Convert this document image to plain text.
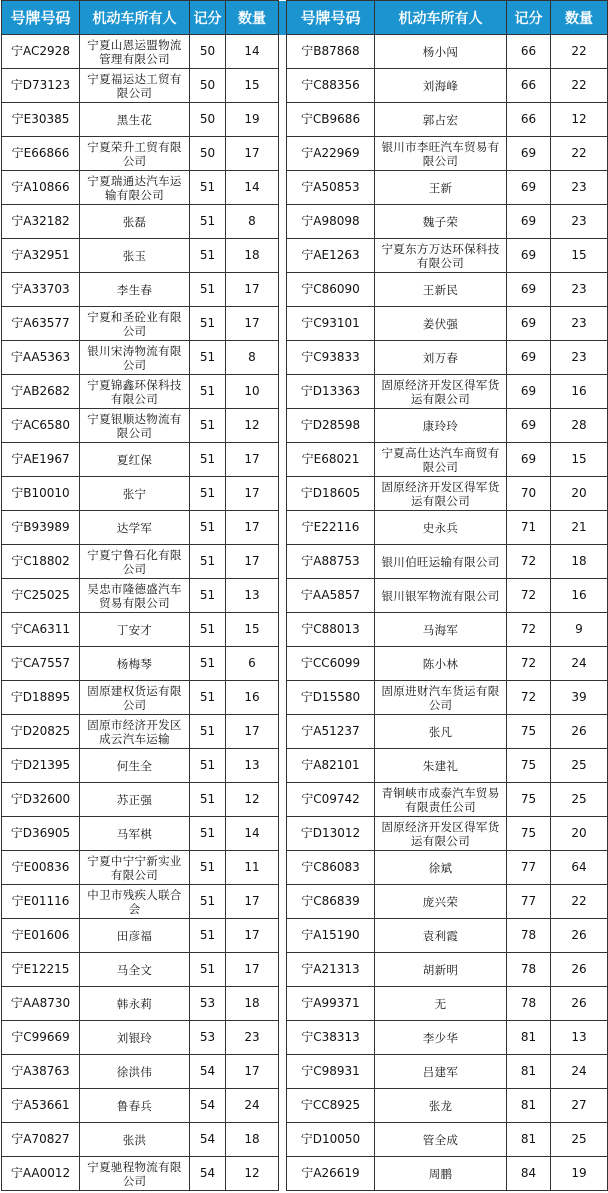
号牌号码	机动车所有人	记分	数量		号牌号码	机动车所有人	记分	数量
宁AC2928	宁夏山恩运盟物流管理有限公司	50	14		宁B87868	杨小闯	66	22
宁D73123	宁夏福运达工贸有限公司	50	15		宁C88356	刘海峰	66	22
宁E30385	黑生花	50	19		宁CB9686	郭占宏	66	12
宁E66866	宁夏荣升工贸有限公司	50	17		宁A22969	银川市李旺汽车贸易有限公司	69	22
宁A10866	宁夏瑞通达汽车运输有限公司	51	14		宁A50853	王新	69	23
宁A32182	张磊	51	8		宁A98098	魏子荣	69	23
宁A32951	张玉	51	18		宁AE1263	宁夏东方万达环保科技有限公司	69	15
宁A33703	李生春	51	17		宁C86090	王新民	69	23
宁A63577	宁夏和圣砼业有限公司	51	17		宁C93101	姜伏强	69	23
宁AA5363	银川宋涛物流有限公司	51	8		宁C93833	刘万春	69	23
宁AB2682	宁夏锦鑫环保科技有限公司	51	10		宁D13363	固原经济开发区得军货运有限公司	69	16
宁AC6580	宁夏银顺达物流有限公司	51	12		宁D28598	康玲玲	69	28
宁AE1967	夏红保	51	17		宁E68021	宁夏高仕达汽车商贸有限公司	69	15
宁B10010	张宁	51	17		宁D18605	固原经济开发区得军货运有限公司	70	20
宁B93989	达学军	51	17		宁E22116	史永兵	71	21
宁C18802	宁夏宁鲁石化有限公司	51	17		宁A88753	银川伯旺运输有限公司	72	18
宁C25025	吴忠市隆德盛汽车贸易有限公司	51	13		宁AA5857	银川银军物流有限公司	72	16
宁CA6311	丁安才	51	15		宁C88013	马海军	72	9
宁CA7557	杨梅琴	51	6		宁CC6099	陈小林	72	24
宁D18895	固原建权货运有限公司	51	16		宁D15580	固原进财汽车货运有限公司	72	39
宁D20825	固原市经济开发区成云汽车运输	51	17		宁A51237	张凡	75	26
宁D21395	何生全	51	13		宁A82101	朱建礼	75	25
宁D32600	苏正强	51	12		宁C09742	青铜峡市成泰汽车贸易有限责任公司	75	25
宁D36905	马军棋	51	14		宁D13012	固原经济开发区得军货运有限公司	75	20
宁E00836	宁夏中宁宁新实业有限公司	51	11		宁C86083	徐斌	77	64
宁E01116	中卫市残疾人联合会	51	17		宁C86839	庞兴荣	77	22
宁E01606	田彦福	51	17		宁A15190	袁利霞	78	26
宁E12215	马全文	51	17		宁A21313	胡新明	78	26
宁AA8730	韩永莉	53	18		宁A99371	无	78	26
宁C99669	刘银玲	53	23		宁C38313	李少华	81	13
宁A38763	徐洪伟	54	17		宁C98931	吕建军	81	24
宁A53661	鲁春兵	54	24		宁CC8925	张龙	81	27
宁A70827	张洪	54	18		宁D10050	管全成	81	25
宁AA0012	宁夏驰程物流有限公司	54	12		宁A26619	周鹏	84	19
